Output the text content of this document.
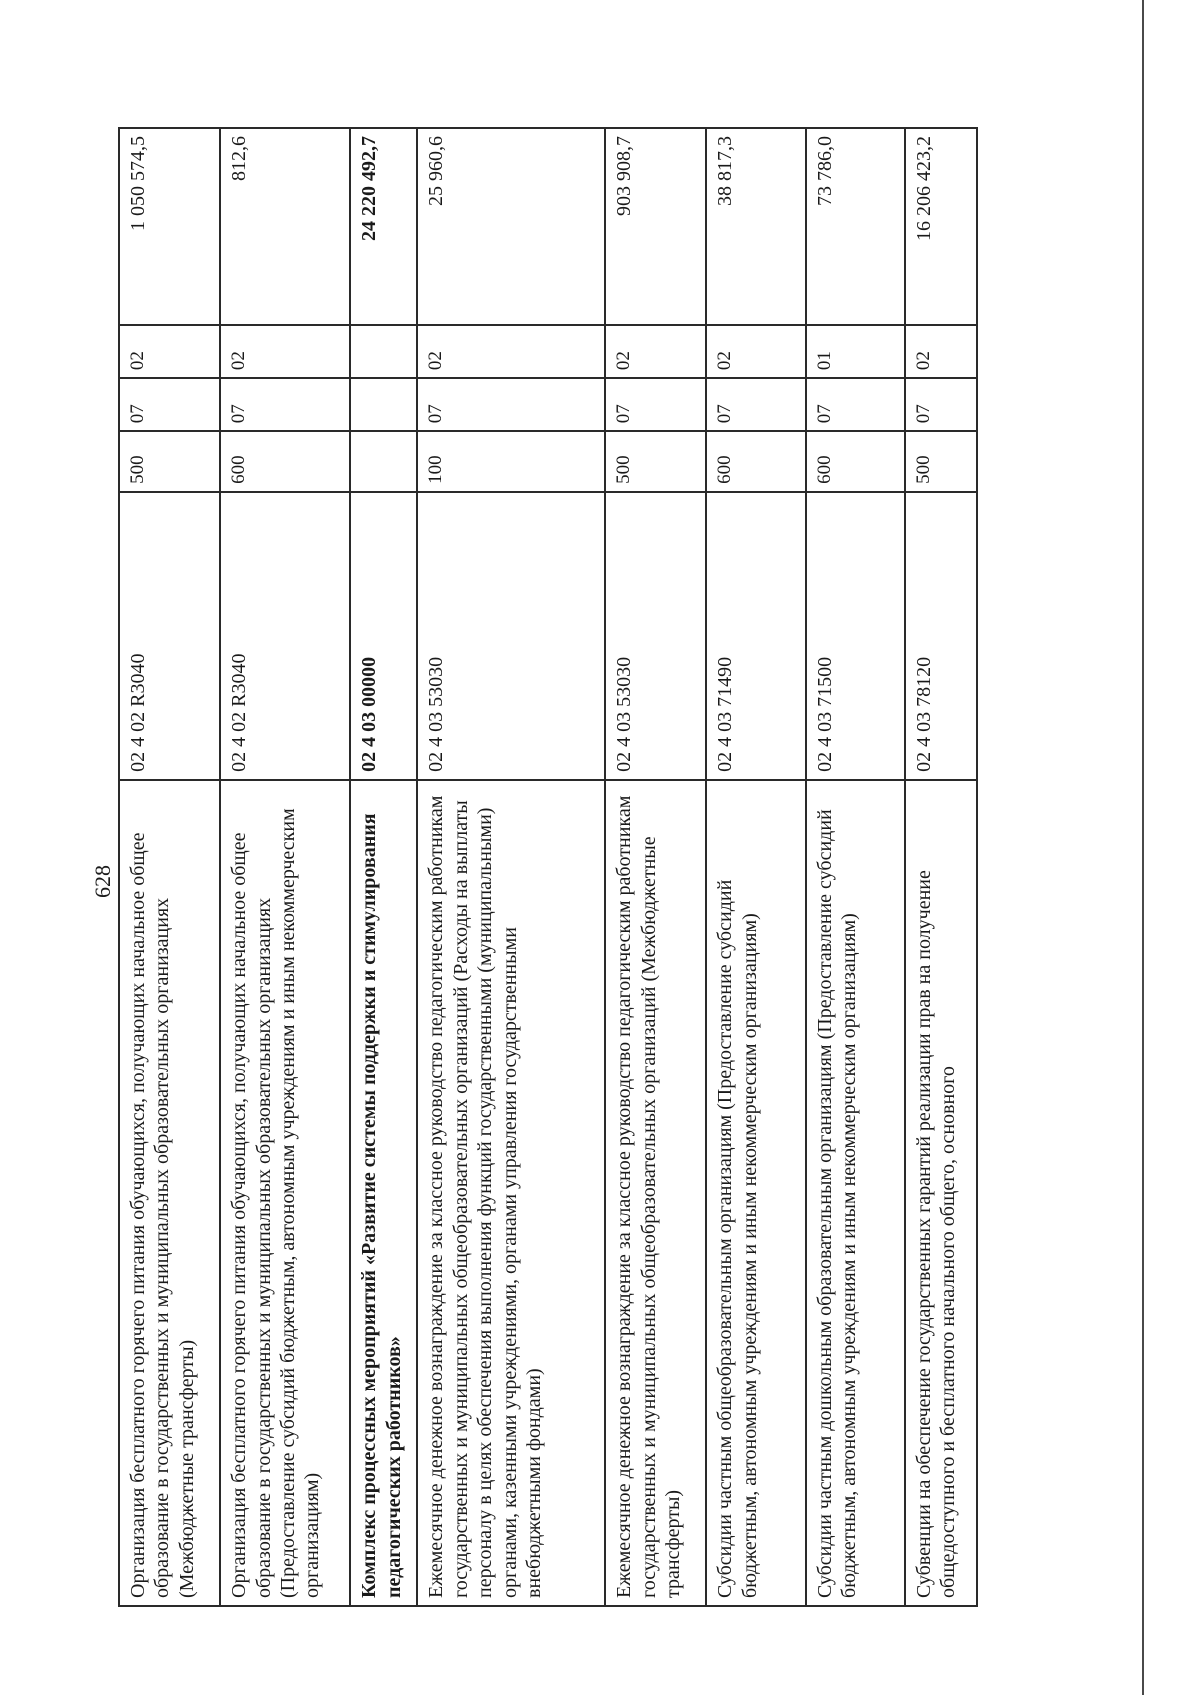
628 Организация бесплатного горячего питания обучающихся, получающих начальное общее образование в государственных и муниципальных образовательных организациях (Межбюджетные трансферты)	02 4 02 R3040	500	07	02	1 050 574,5
Организация бесплатного горячего питания обучающихся, получающих начальное общее образование в государственных и муниципальных образовательных организациях (Предоставление субсидий бюджетным, автономным учреждениям и иным некоммерческим организациям)	02 4 02 R3040	600	07	02	812,6
Комплекс процессных мероприятий «Развитие системы поддержки и стимулирования педагогических работников»	02 4 03 00000				24 220 492,7
Ежемесячное денежное вознаграждение за классное руководство педагогическим работникам государственных и муниципальных общеобразовательных организаций (Расходы на выплаты персоналу в целях обеспечения выполнения функций государственными (муниципальными) органами, казенными учреждениями, органами управления государственными внебюджетными фондами)	02 4 03 53030	100	07	02	25 960,6
Ежемесячное денежное вознаграждение за классное руководство педагогическим работникам государственных и муниципальных общеобразовательных организаций (Межбюджетные трансферты)	02 4 03 53030	500	07	02	903 908,7
Субсидии частным общеобразовательным организациям (Предоставление субсидий бюджетным, автономным учреждениям и иным некоммерческим организациям)	02 4 03 71490	600	07	02	38 817,3
Субсидии частным дошкольным образовательным организациям (Предоставление субсидий бюджетным, автономным учреждениям и иным некоммерческим организациям)	02 4 03 71500	600	07	01	73 786,0
Субвенции на обеспечение государственных гарантий реализации прав на получение общедоступного и бесплатного начального общего, основного	02 4 03 78120	500	07	02	16 206 423,2
